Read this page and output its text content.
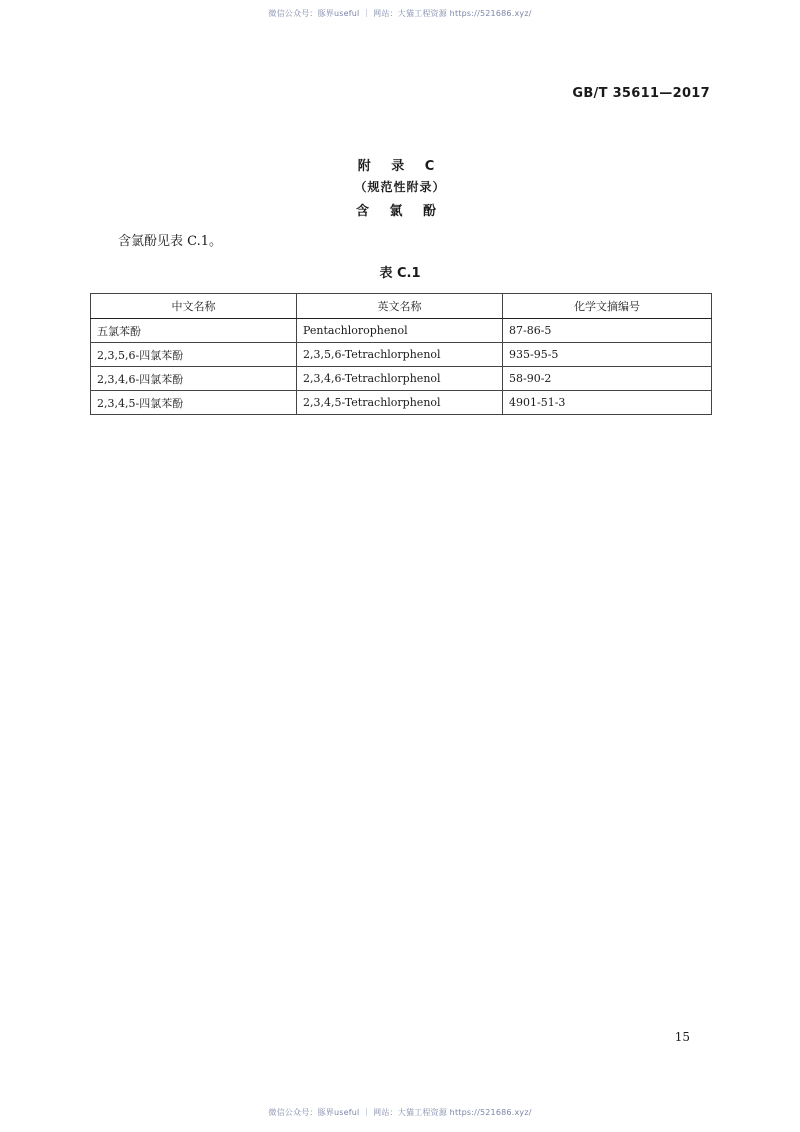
微信公众号：豚界useful ｜ 网站：大猫工程资源 https://521686.xyz/
GB/T 35611—2017
附 录 C
（规范性附录）
含 氯 酚
含氯酚见表 C.1。
表 C.1
中文名称	英文名称	化学文摘编号
五氯苯酚	Pentachlorophenol	87-86-5
2,3,5,6-四氯苯酚	2,3,5,6-Tetrachlorphenol	935-95-5
2,3,4,6-四氯苯酚	2,3,4,6-Tetrachlorphenol	58-90-2
2,3,4,5-四氯苯酚	2,3,4,5-Tetrachlorphenol	4901-51-3
15
微信公众号：豚界useful ｜ 网站：大猫工程资源 https://521686.xyz/
